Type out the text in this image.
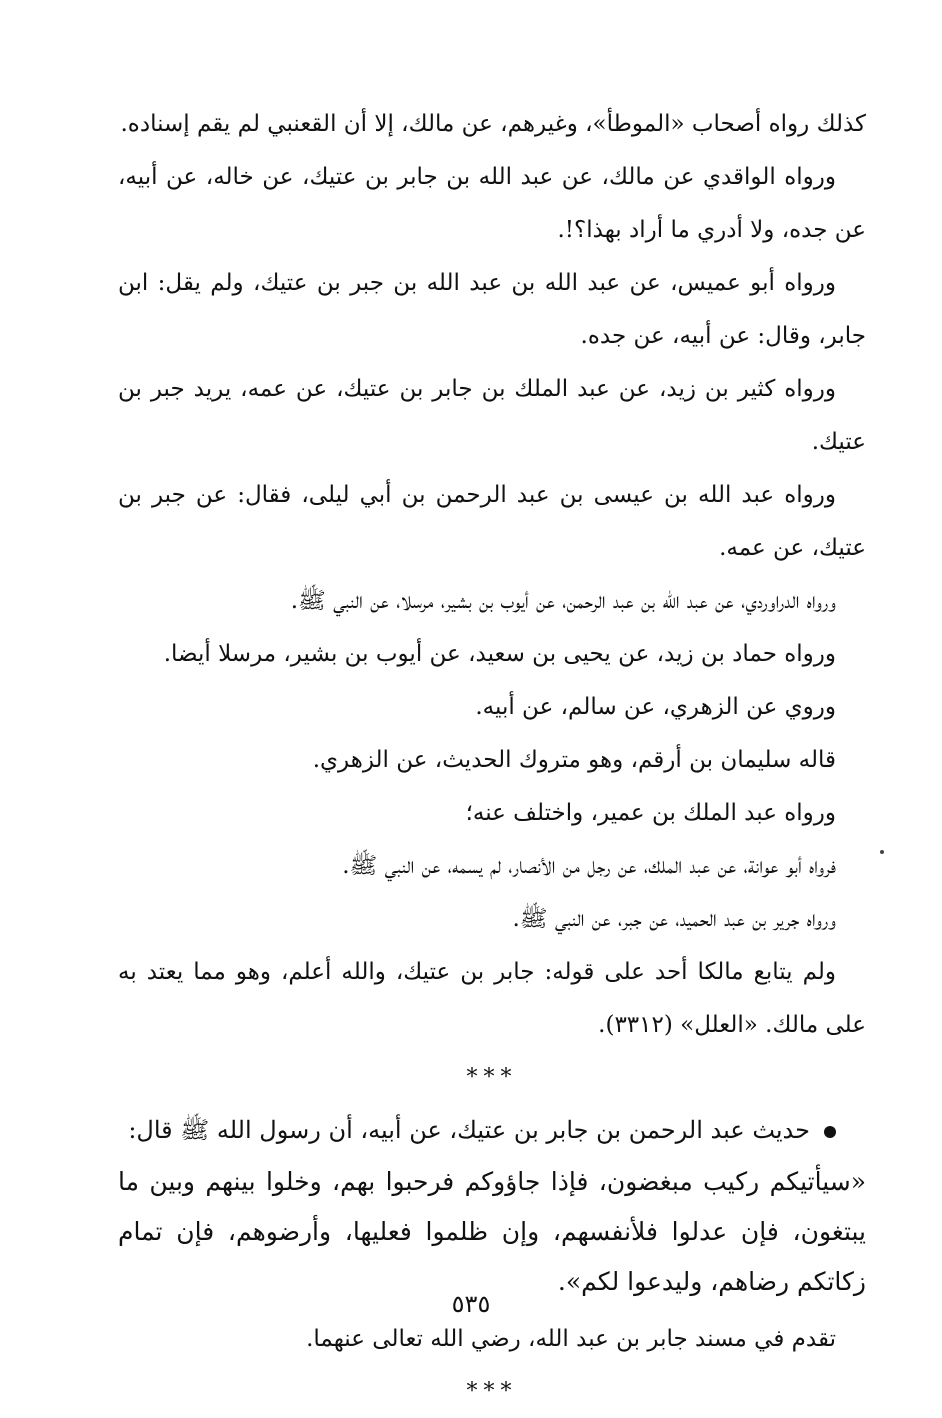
كذلك رواه أصحاب «الموطأ»، وغيرهم، عن مالك، إلا أن القعنبي لم يقم إسناده.

ورواه الواقدي عن مالك، عن عبد الله بن جابر بن عتيك، عن خاله، عن أبيه، عن جده، ولا أدري ما أراد بهذا؟!.

ورواه أبو عميس، عن عبد الله بن عبد الله بن جبر بن عتيك، ولم يقل: ابن جابر، وقال: عن أبيه، عن جده.

ورواه كثير بن زيد، عن عبد الملك بن جابر بن عتيك، عن عمه، يريد جبر بن عتيك.

ورواه عبد الله بن عيسى بن عبد الرحمن بن أبي ليلى، فقال: عن جبر بن عتيك، عن عمه.

ورواه الدراوردي، عن عبد الله بن عبد الرحمن، عن أيوب بن بشير، مرسلا، عن النبي ﷺ.

ورواه حماد بن زيد، عن يحيى بن سعيد، عن أيوب بن بشير، مرسلا أيضا.

وروي عن الزهري، عن سالم، عن أبيه.

قاله سليمان بن أرقم، وهو متروك الحديث، عن الزهري.

ورواه عبد الملك بن عمير، واختلف عنه؛

فرواه أبو عوانة، عن عبد الملك، عن رجل من الأنصار، لم يسمه، عن النبي ﷺ.

ورواه جرير بن عبد الحميد، عن جبر، عن النبي ﷺ.

ولم يتابع مالكا أحد على قوله: جابر بن عتيك، والله أعلم، وهو مما يعتد به على مالك. «العلل» (٣٣١٢).

***

حديث عبد الرحمن بن جابر بن عتيك، عن أبيه، أن رسول الله ﷺ قال:

«سيأتيكم ركيب مبغضون، فإذا جاؤوكم فرحبوا بهم، وخلوا بينهم وبين ما يبتغون، فإن عدلوا فلأنفسهم، وإن ظلموا فعليها، وأرضوهم، فإن تمام زكاتكم رضاهم، وليدعوا لكم».

تقدم في مسند جابر بن عبد الله، رضي الله تعالى عنهما.

***

٥٣٥
